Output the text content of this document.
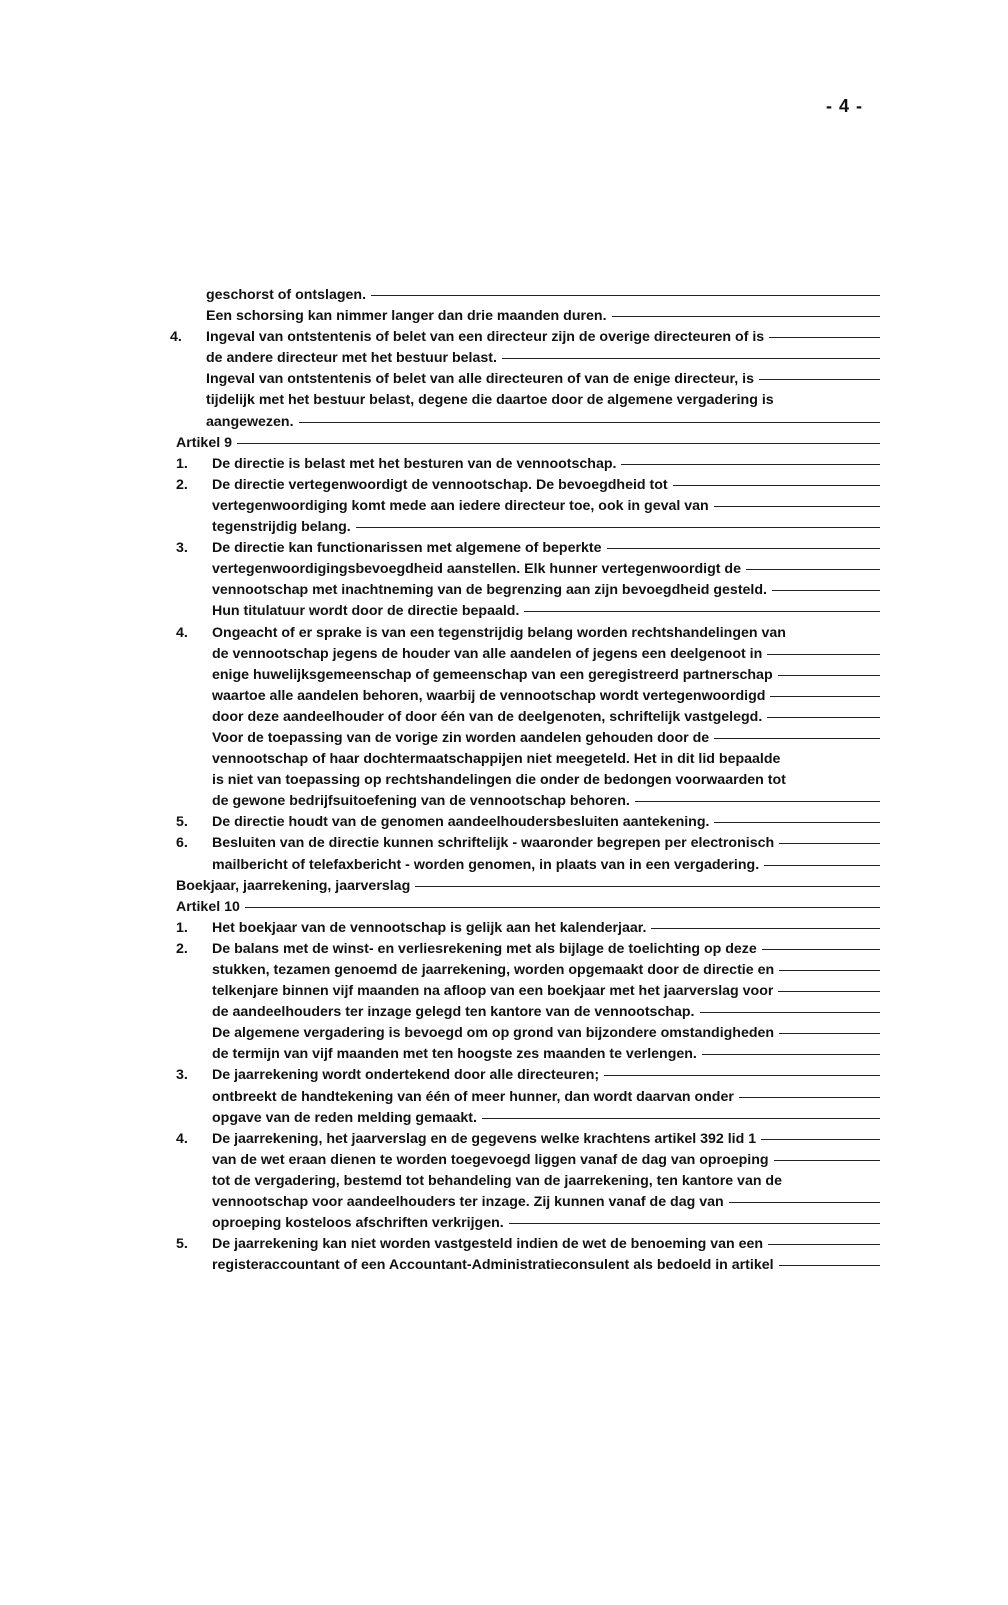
- 4 -
geschorst of ontslagen.
Een schorsing kan nimmer langer dan drie maanden duren.
4.	Ingeval van ontstentenis of belet van een directeur zijn de overige directeuren of is
de andere directeur met het bestuur belast.
Ingeval van ontstentenis of belet van alle directeuren of van de enige directeur, is
tijdelijk met het bestuur belast, degene die daartoe door de algemene vergadering is
aangewezen.
Artikel 9
1.	De directie is belast met het besturen van de vennootschap.
2.	De directie vertegenwoordigt de vennootschap. De bevoegdheid tot
vertegenwoordiging komt mede aan iedere directeur toe, ook in geval van
tegenstrijdig belang.
3.	De directie kan functionarissen met algemene of beperkte
vertegenwoordigingsbevoegdheid aanstellen. Elk hunner vertegenwoordigt de
vennootschap met inachtneming van de begrenzing aan zijn bevoegdheid gesteld.
Hun titulatuur wordt door de directie bepaald.
4.	Ongeacht of er sprake is van een tegenstrijdig belang worden rechtshandelingen van
de vennootschap jegens de houder van alle aandelen of jegens een deelgenoot in
enige huwelijksgemeenschap of gemeenschap van een geregistreerd partnerschap
waartoe alle aandelen behoren, waarbij de vennootschap wordt vertegenwoordigd
door deze aandeelhouder of door één van de deelgenoten, schriftelijk vastgelegd.
Voor de toepassing van de vorige zin worden aandelen gehouden door de
vennootschap of haar dochtermaatschappijen niet meegeteld. Het in dit lid bepaalde
is niet van toepassing op rechtshandelingen die onder de bedongen voorwaarden tot
de gewone bedrijfsuitoefening van de vennootschap behoren.
5.	De directie houdt van de genomen aandeelhoudersbesluiten aantekening.
6.	Besluiten van de directie kunnen schriftelijk - waaronder begrepen per electronisch
mailbericht of telefaxbericht - worden genomen, in plaats van in een vergadering.
Boekjaar, jaarrekening, jaarverslag
Artikel 10
1.	Het boekjaar van de vennootschap is gelijk aan het kalenderjaar.
2.	De balans met de winst- en verliesrekening met als bijlage de toelichting op deze
stukken, tezamen genoemd de jaarrekening, worden opgemaakt door de directie en
telkenjare binnen vijf maanden na afloop van een boekjaar met het jaarverslag voor
de aandeelhouders ter inzage gelegd ten kantore van de vennootschap.
De algemene vergadering is bevoegd om op grond van bijzondere omstandigheden
de termijn van vijf maanden met ten hoogste zes maanden te verlengen.
3.	De jaarrekening wordt ondertekend door alle directeuren;
ontbreekt de handtekening van één of meer hunner, dan wordt daarvan onder
opgave van de reden melding gemaakt.
4.	De jaarrekening, het jaarverslag en de gegevens welke krachtens artikel 392 lid 1
van de wet eraan dienen te worden toegevoegd liggen vanaf de dag van oproeping
tot de vergadering, bestemd tot behandeling van de jaarrekening, ten kantore van de
vennootschap voor aandeelhouders ter inzage. Zij kunnen vanaf de dag van
oproeping kosteloos afschriften verkrijgen.
5.	De jaarrekening kan niet worden vastgesteld indien de wet de benoeming van een
registeraccountant of een Accountant-Administratieconsulent als bedoeld in artikel
